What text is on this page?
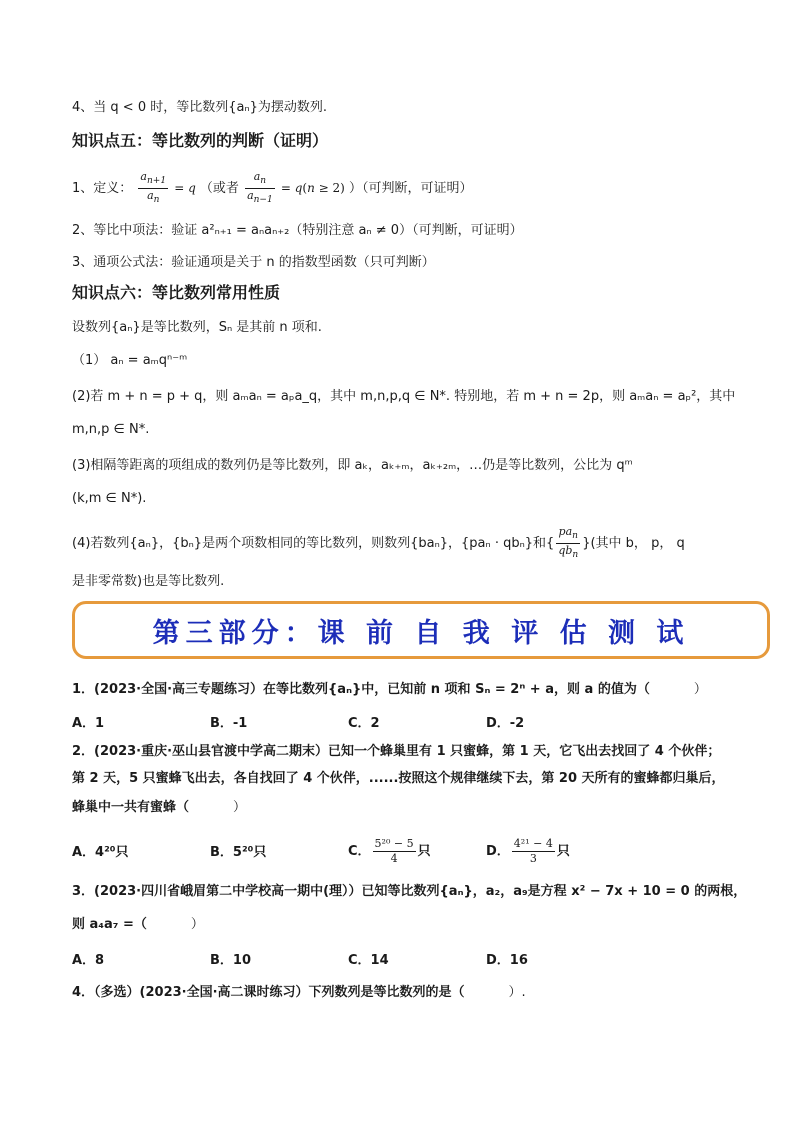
4、当 q < 0 时，等比数列{aₙ}为摆动数列.
知识点五：等比数列的判断（证明）
1、定义： $\frac{a_{n+1}}{a_n} = q$ （或者 $\frac{a_n}{a_{n-1}} = q(n \ge 2)$ ）（可判断，可证明）
2、等比中项法：验证 a²ₙ₊₁ = aₙaₙ₊₂（特别注意 aₙ ≠ 0）（可判断，可证明）
3、通项公式法：验证通项是关于 n 的指数型函数（只可判断）
知识点六：等比数列常用性质
设数列{aₙ}是等比数列，Sₙ 是其前 n 项和.
（1） aₙ = aₘqⁿ⁻ᵐ
(2)若 m + n = p + q，则 aₘaₙ = aₚa_q，其中 m,n,p,q ∈ N*. 特别地，若 m + n = 2p，则 aₘaₙ = aₚ²，其中
m,n,p ∈ N*.
(3)相隔等距离的项组成的数列仍是等比数列，即 aₖ，aₖ₊ₘ，aₖ₊₂ₘ，…仍是等比数列，公比为 qᵐ
(k,m ∈ N*).
(4)若数列{aₙ}，{bₙ}是两个项数相同的等比数列，则数列{baₙ}，{paₙ · qbₙ}和{ $\frac{pa_n}{qb_n}$ }(其中 b， p， q
是非零常数)也是等比数列.
第三部分：课 前 自 我 评 估 测 试
1．(2023·全国·高三专题练习）在等比数列{aₙ}中，已知前 n 项和 Sₙ = 2ⁿ + a，则 a 的值为（	）
A．1	B．-1	C．2	D．-2
2．(2023·重庆·巫山县官渡中学高二期末）已知一个蜂巢里有 1 只蜜蜂，第 1 天，它飞出去找回了 4 个伙伴；
第 2 天，5 只蜜蜂飞出去，各自找回了 4 个伙伴，......按照这个规律继续下去，第 20 天所有的蜜蜂都归巢后，
蜂巢中一共有蜜蜂（	）
A．4²⁰只	B．5²⁰只	C． $\frac{\text{5²⁰ − 5}}{4}$ 只	D． $\frac{\text{4²¹ − 4}}{3}$ 只
3．(2023·四川省峨眉第二中学校高一期中(理））已知等比数列{aₙ}，a₂，a₉是方程 x² − 7x + 10 = 0 的两根，
则 a₄a₇ =（	）
A．8	B．10	C．14	D．16
4．（多选）(2023·全国·高二课时练习）下列数列是等比数列的是（	）.
